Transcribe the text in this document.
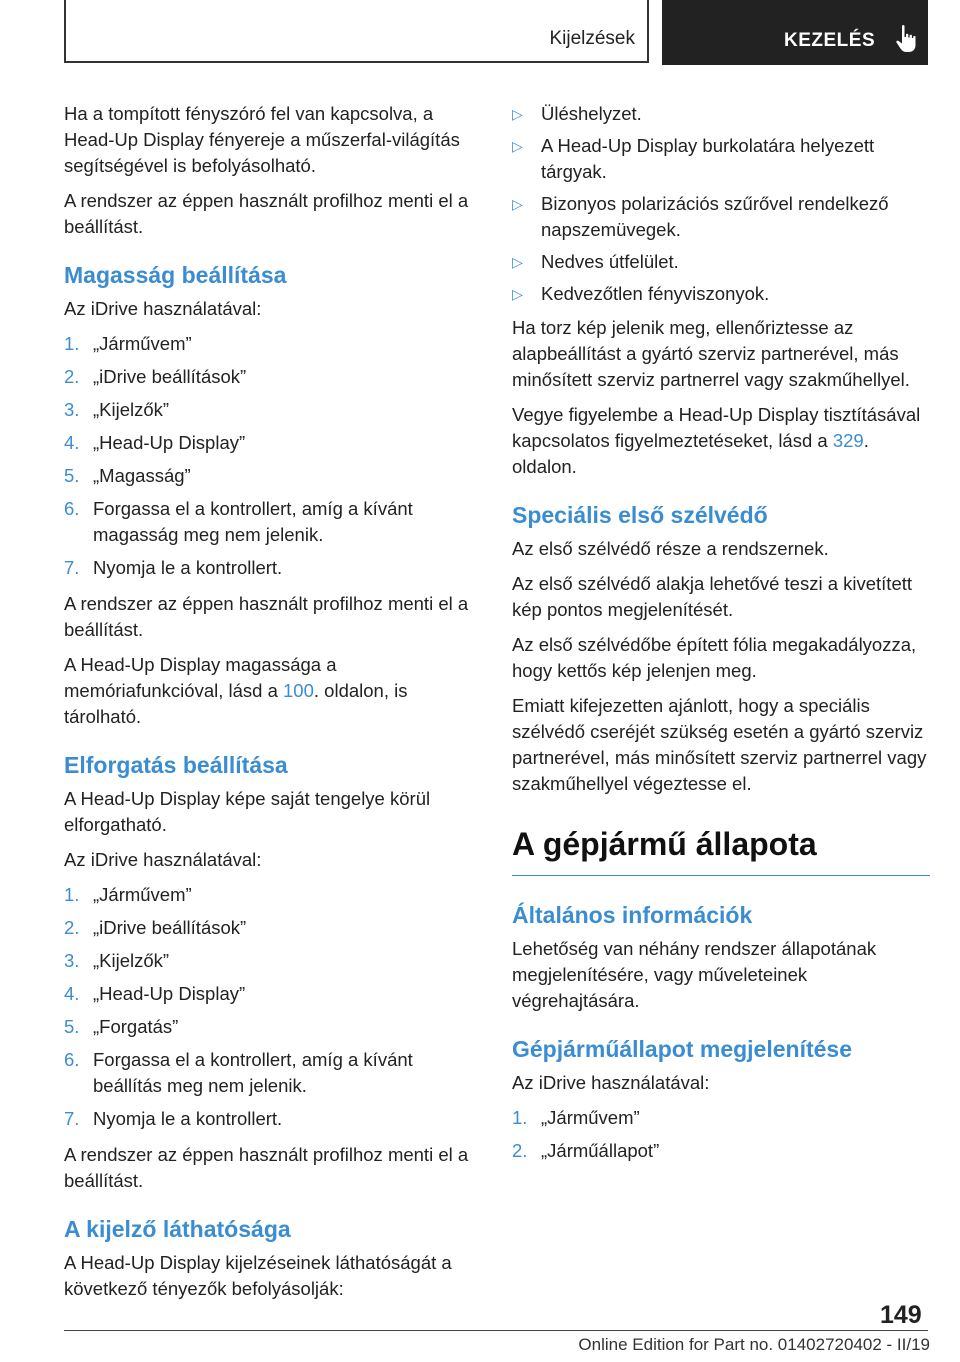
Kijelzések	KEZELÉS

Ha a tompított fényszóró fel van kapcsolva, a Head-Up Display fényereje a műszerfal-világítás segítségével is befolyásolható.

A rendszer az éppen használt profilhoz menti el a beállítást.

Magasság beállítása

Az iDrive használatával:

1. „Járművem”
2. „iDrive beállítások”
3. „Kijelzők”
4. „Head-Up Display”
5. „Magasság”
6. Forgassa el a kontrollert, amíg a kívánt magasság meg nem jelenik.
7. Nyomja le a kontrollert.

A rendszer az éppen használt profilhoz menti el a beállítást.

A Head-Up Display magassága a memóriafunkcióval, lásd a 100. oldalon, is tárolható.

Elforgatás beállítása

A Head-Up Display képe saját tengelye körül elforgatható.

Az iDrive használatával:

1. „Járművem”
2. „iDrive beállítások”
3. „Kijelzők”
4. „Head-Up Display”
5. „Forgatás”
6. Forgassa el a kontrollert, amíg a kívánt beállítás meg nem jelenik.
7. Nyomja le a kontrollert.

A rendszer az éppen használt profilhoz menti el a beállítást.

A kijelző láthatósága

A Head-Up Display kijelzéseinek láthatóságát a következő tényezők befolyásolják:

▷ Üléshelyzet.
▷ A Head-Up Display burkolatára helyezett tárgyak.
▷ Bizonyos polarizációs szűrővel rendelkező napszemüvegek.
▷ Nedves útfelület.
▷ Kedvezőtlen fényviszonyok.

Ha torz kép jelenik meg, ellenőriztesse az alapbeállítást a gyártó szerviz partnerével, más minősített szerviz partnerrel vagy szakműhellyel.

Vegye figyelembe a Head-Up Display tisztításával kapcsolatos figyelmeztetéseket, lásd a 329. oldalon.

Speciális első szélvédő

Az első szélvédő része a rendszernek.

Az első szélvédő alakja lehetővé teszi a kivetített kép pontos megjelenítését.

Az első szélvédőbe épített fólia megakadályozza, hogy kettős kép jelenjen meg.

Emiatt kifejezetten ajánlott, hogy a speciális szélvédő cseréjét szükség esetén a gyártó szerviz partnerével, más minősített szerviz partnerrel vagy szakműhellyel végeztesse el.

A gépjármű állapota
Általános információk

Lehetőség van néhány rendszer állapotának megjelenítésére, vagy műveleteinek végrehajtására.

Gépjárműállapot megjelenítése

Az iDrive használatával:

1. „Járművem”
2. „Járműállapot”
149
Online Edition for Part no. 01402720402 - II/19
